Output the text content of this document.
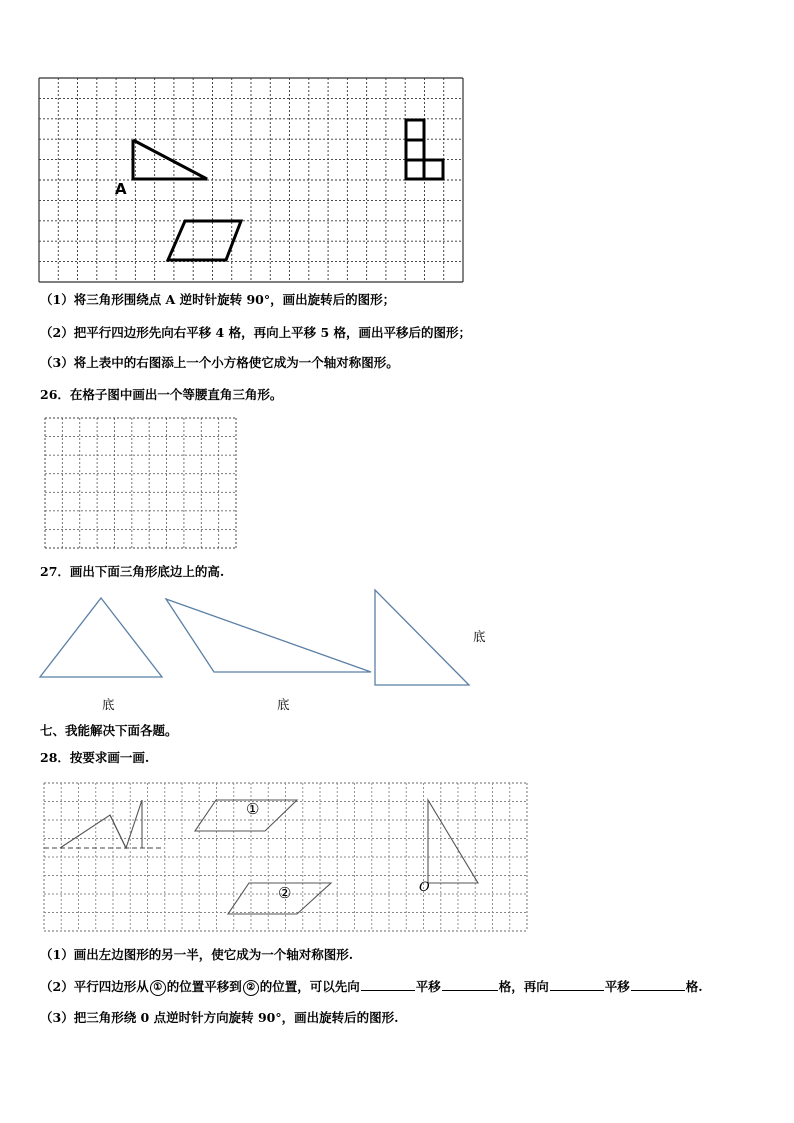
A
（1）将三角形围绕点 A 逆时针旋转 90°，画出旋转后的图形；
（2）把平行四边形先向右平移 4 格，再向上平移 5 格，画出平移后的图形；
（3）将上表中的右图添上一个小方格使它成为一个轴对称图形。
26．在格子图中画出一个等腰直角三角形。
27．画出下面三角形底边上的高.
底	底
底
七、我能解决下面各题。
28．按要求画一画.
①
②	O
（1）画出左边图形的另一半，使它成为一个轴对称图形.
（2）平行四边形从 ① 的位置平移到 ② 的位置，可以先向	平移	格，再向	平移	格.
（3）把三角形绕 0 点逆时针方向旋转 90°，画出旋转后的图形.
